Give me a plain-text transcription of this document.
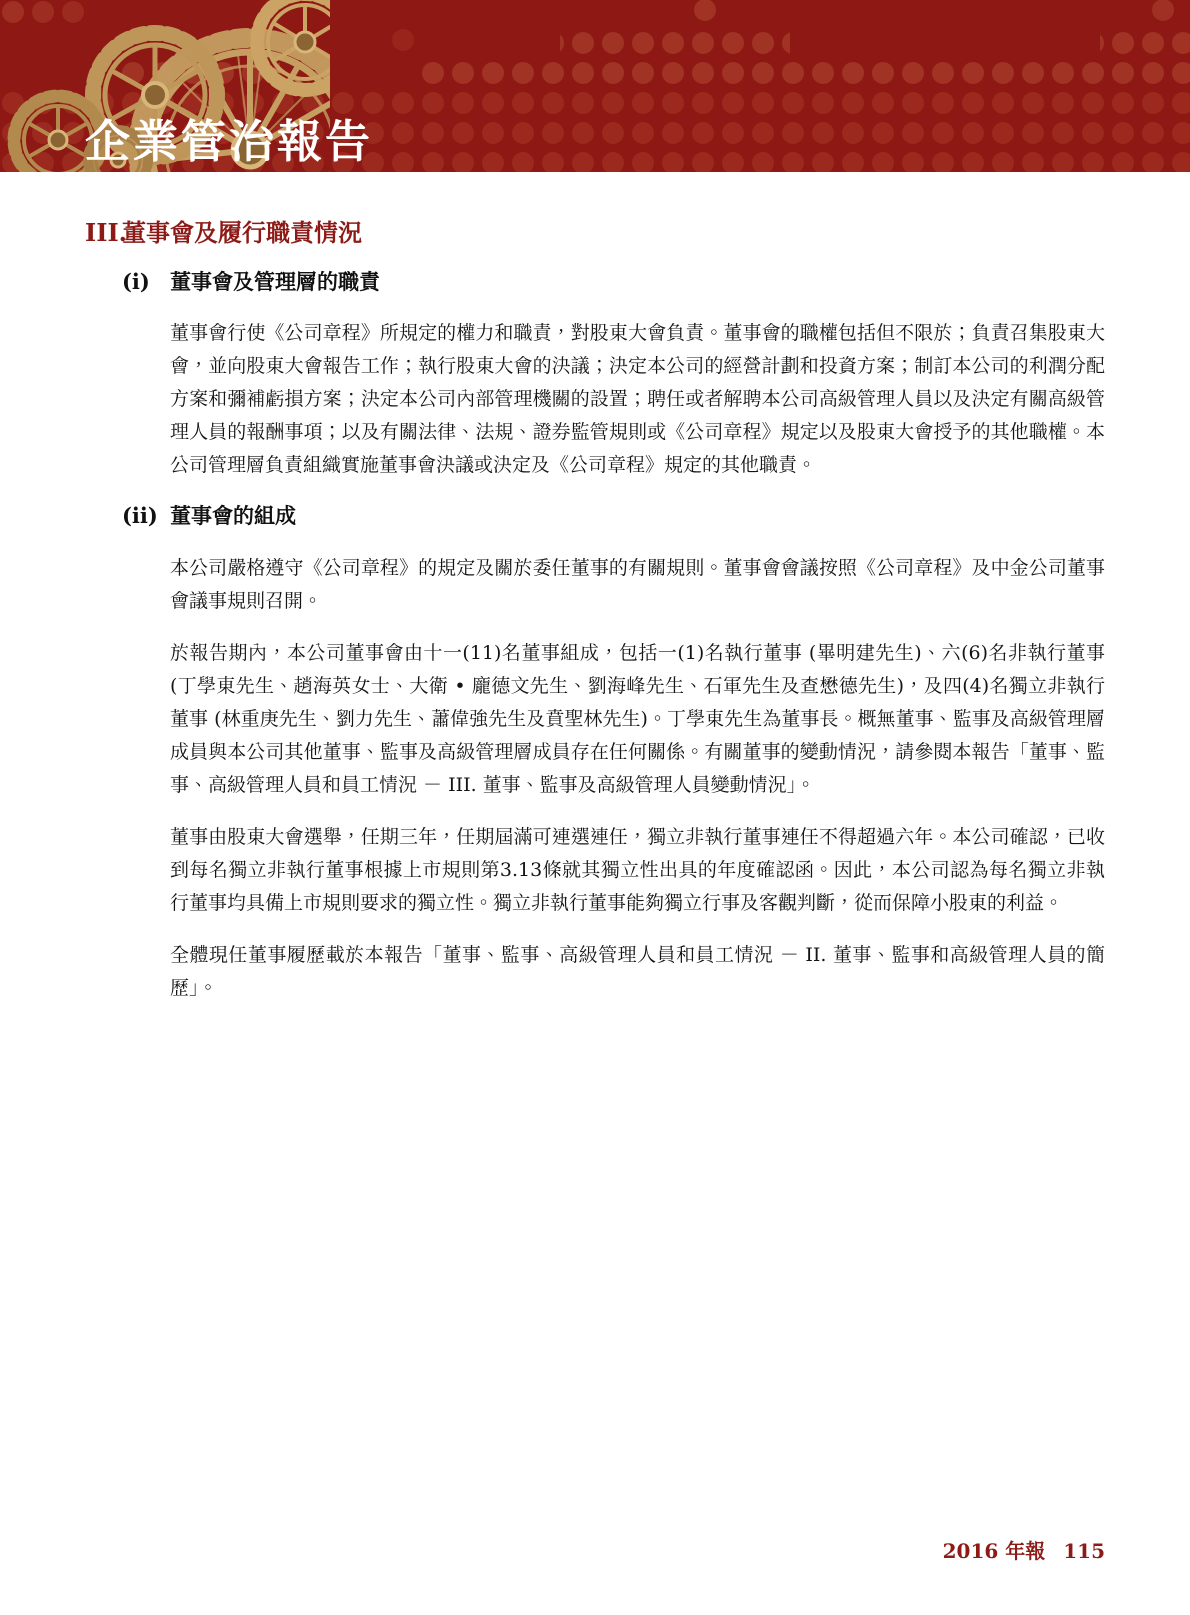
企業管治報告
III.
董事會及履行職責情況
(i) 董事會及管理層的職責

董事會行使《公司章程》所規定的權力和職責，對股東大會負責。董事會的職權包括但不限於；負責召集股東大會，並向股東大會報告工作；執行股東大會的決議；決定本公司的經營計劃和投資方案；制訂本公司的利潤分配方案和彌補虧損方案；決定本公司內部管理機關的設置；聘任或者解聘本公司高級管理人員以及決定有關高級管理人員的報酬事項；以及有關法律、法規、證券監管規則或《公司章程》規定以及股東大會授予的其他職權。本公司管理層負責組織實施董事會決議或決定及《公司章程》規定的其他職責。

(ii) 董事會的組成

本公司嚴格遵守《公司章程》的規定及關於委任董事的有關規則。董事會會議按照《公司章程》及中金公司董事會議事規則召開。

於報告期內，本公司董事會由十一(11)名董事組成，包括一(1)名執行董事 (畢明建先生)、六(6)名非執行董事 (丁學東先生、趙海英女士、大衛 • 龐德文先生、劉海峰先生、石軍先生及查懋德先生)，及四(4)名獨立非執行董事 (林重庚先生、劉力先生、蕭偉強先生及賁聖林先生)。丁學東先生為董事長。概無董事、監事及高級管理層成員與本公司其他董事、監事及高級管理層成員存在任何關係。有關董事的變動情況，請參閱本報告「董事、監事、高級管理人員和員工情況 － III. 董事、監事及高級管理人員變動情況」。

董事由股東大會選舉，任期三年，任期屆滿可連選連任，獨立非執行董事連任不得超過六年。本公司確認，已收到每名獨立非執行董事根據上市規則第3.13條就其獨立性出具的年度確認函。因此，本公司認為每名獨立非執行董事均具備上市規則要求的獨立性。獨立非執行董事能夠獨立行事及客觀判斷，從而保障小股東的利益。

全體現任董事履歷載於本報告「董事、監事、高級管理人員和員工情況 － II. 董事、監事和高級管理人員的簡歷」。

2016 年報 115
